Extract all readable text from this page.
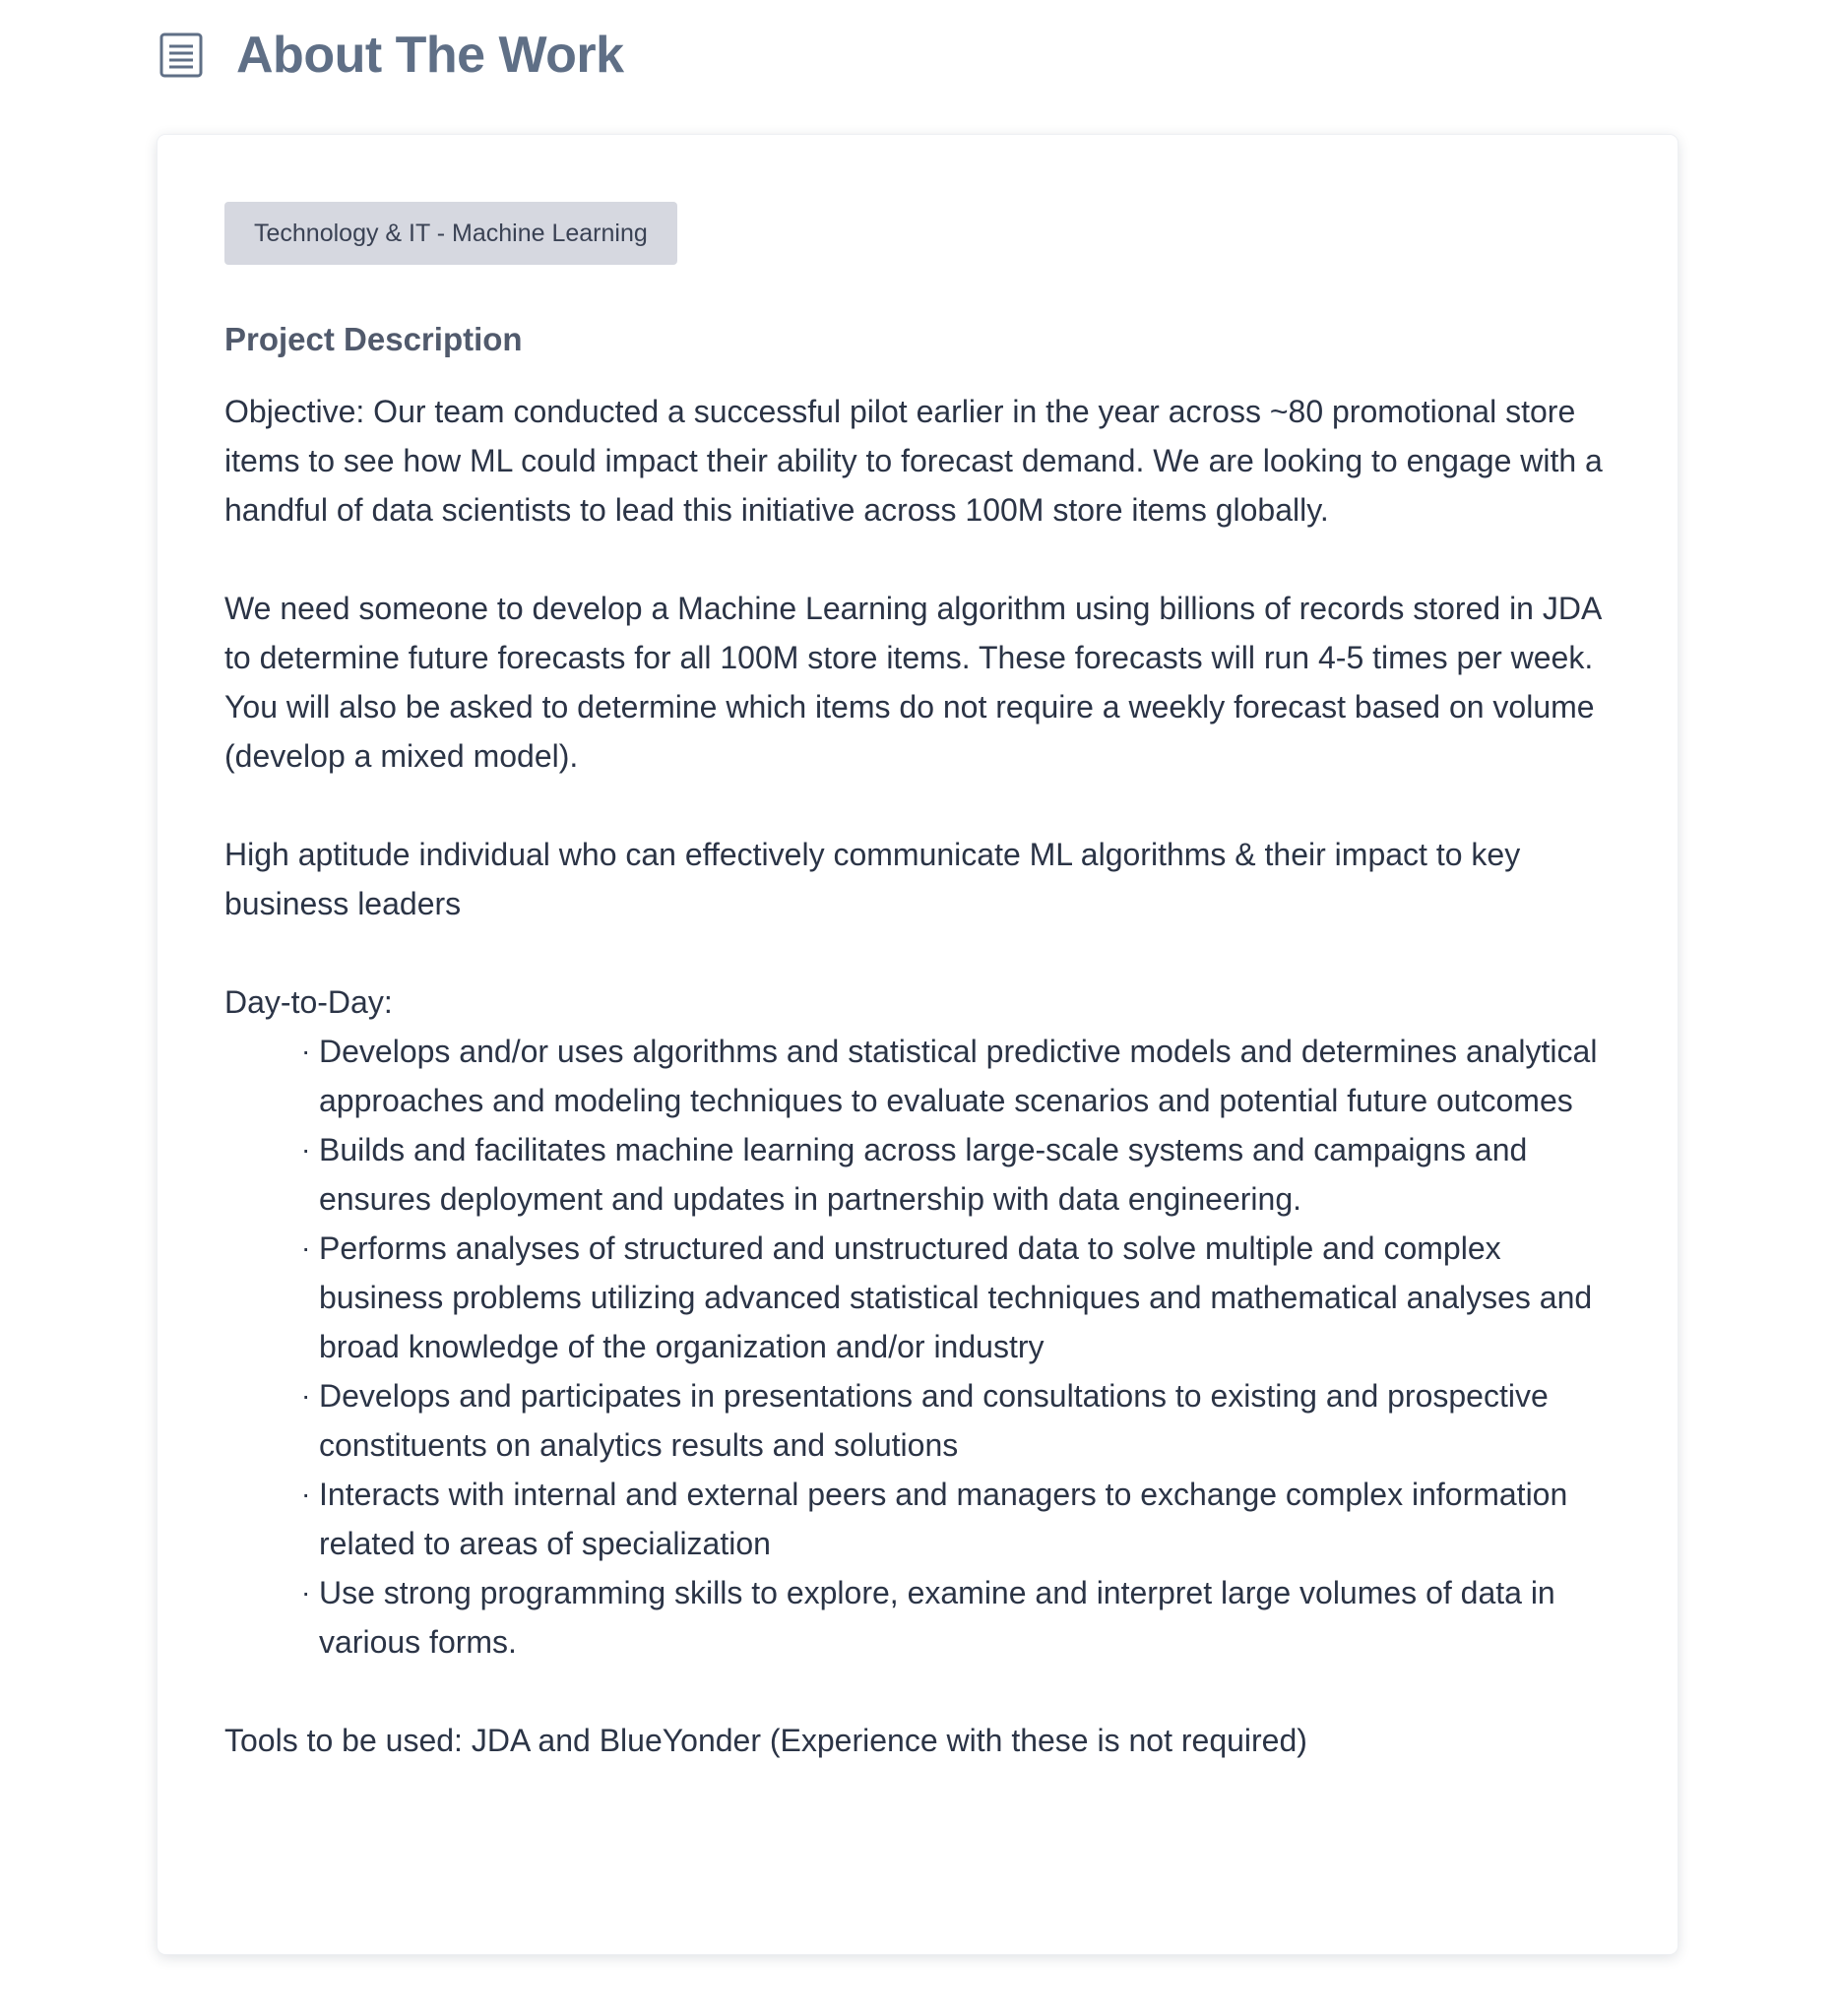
About The Work
Technology & IT - Machine Learning
Project Description

Objective: Our team conducted a successful pilot earlier in the year across ~80 promotional store items to see how ML could impact their ability to forecast demand. We are looking to engage with a handful of data scientists to lead this initiative across 100M store items globally.

We need someone to develop a Machine Learning algorithm using billions of records stored in JDA to determine future forecasts for all 100M store items. These forecasts will run 4-5 times per week. You will also be asked to determine which items do not require a weekly forecast based on volume (develop a mixed model).

High aptitude individual who can effectively communicate ML algorithms & their impact to key business leaders

Day-to-Day:

· Develops and/or uses algorithms and statistical predictive models and determines analytical approaches and modeling techniques to evaluate scenarios and potential future outcomes
· Builds and facilitates machine learning across large-scale systems and campaigns and ensures deployment and updates in partnership with data engineering.
· Performs analyses of structured and unstructured data to solve multiple and complex business problems utilizing advanced statistical techniques and mathematical analyses and broad knowledge of the organization and/or industry
· Develops and participates in presentations and consultations to existing and prospective constituents on analytics results and solutions
· Interacts with internal and external peers and managers to exchange complex information related to areas of specialization
· Use strong programming skills to explore, examine and interpret large volumes of data in various forms.

Tools to be used: JDA and BlueYonder (Experience with these is not required)
